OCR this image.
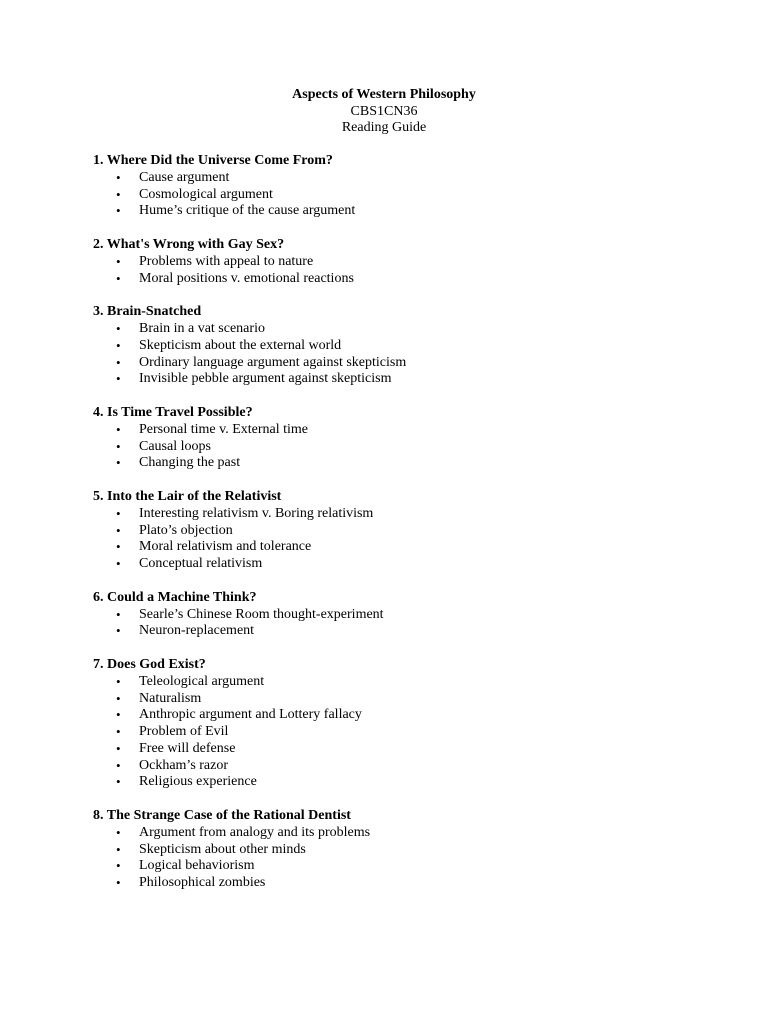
Aspects of Western Philosophy
CBS1CN36
Reading Guide
1. Where Did the Universe Come From?
• Cause argument
• Cosmological argument
• Hume’s critique of the cause argument
2. What's Wrong with Gay Sex?
• Problems with appeal to nature
• Moral positions v. emotional reactions
3. Brain-Snatched
• Brain in a vat scenario
• Skepticism about the external world
• Ordinary language argument against skepticism
• Invisible pebble argument against skepticism
4. Is Time Travel Possible?
• Personal time v. External time
• Causal loops
• Changing the past
5. Into the Lair of the Relativist
• Interesting relativism v. Boring relativism
• Plato’s objection
• Moral relativism and tolerance
• Conceptual relativism
6. Could a Machine Think?
• Searle’s Chinese Room thought-experiment
• Neuron-replacement
7. Does God Exist?
• Teleological argument
• Naturalism
• Anthropic argument and Lottery fallacy
• Problem of Evil
• Free will defense
• Ockham’s razor
• Religious experience
8. The Strange Case of the Rational Dentist
• Argument from analogy and its problems
• Skepticism about other minds
• Logical behaviorism
• Philosophical zombies
